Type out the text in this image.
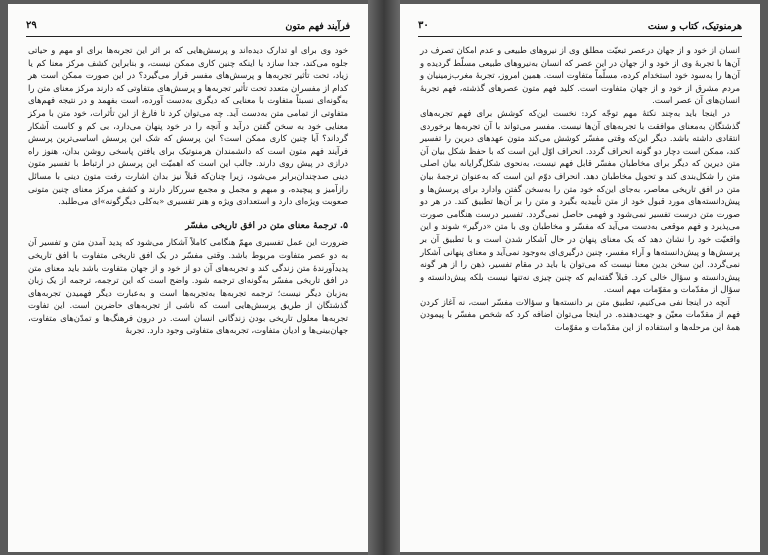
فرآیند فهم متون
۲۹

خود وی برای او تدارک دیده‌اند و پرسش‌هایی که بر اثر این تجربه‌ها برای او مهم و حیاتی جلوه می‌کند، جدا سازد یا اینکه چنین کاری ممکن نیست، و بنابراین کشف مرکز معنا کم یا زیاد، تحت تأثیر تجربه‌ها و پرسش‌های مفسر قرار می‌گیرد؟ در این صورت ممکن است هر کدام از مفسران متعدد تحت تأثیر تجربه‌ها و پرسش‌های متفاوتی که دارند مرکز معنای متن را به‌گونه‌ای نسبتاً متفاوت با معنایی که دیگری به‌دست آورده، است بفهمد و در نتیجه فهم‌های متفاوتی از تمامی متن به‌دست آید. چه می‌توان کرد تا فارغ از این تأثرات، خود متن با مرکز معنایی خود به سخن گفتن درآید و آنچه را در خود پنهان می‌دارد، بی کم و کاست آشکار گرداند؟ آیا چنین کاری ممکن است؟ این پرسش که شک این پرسش اساسی‌ترین پرسش فرآیند فهم متون است که دانشمندان هرمنوتیک برای یافتن پاسخی روشن بدان، هنوز راه درازی در پیش روی دارند. جالب این است که اهمیّت این پرسش در ارتباط با تفسیر متون دینی صدچندان‌برابر می‌شود، زیرا چنان‌که قبلاً نیز بدان اشارت رفت متون دینی با مسائل رازآمیز و پیچیده، و مبهم و مجمل و مجمع سررکار دارند و کشف مرکز معنای چنین متونی صعوبت ویژه‌ای دارد و استعدادی ویژه و هنر تفسیری «به‌کلی دیگرگونه»ای می‌طلبد.

۵. ترجمهٔ معنای متن در افق تاریخی مفسّر

ضرورت این عمل تفسیری مهمّ هنگامی کاملاً آشکار می‌شود که پدید آمدن متن و تفسیر آن به دو عصر متفاوت مربوط باشد. وقتی مفسّر در یک افق تاریخی متفاوت با افق تاریخی پدیدآورندهٔ متن زندگی کند و تجربه‌های آن دو از خود و از جهان متفاوت باشد باید معنای متن در افق تاریخی مفسّر به‌گونه‌ای ترجمه شود. واضح است که این ترجمه، ترجمه از یک زبان به‌زبان دیگر نیست؛ ترجمه تجربه‌ها به‌تجربه‌ها است و به‌عبارت دیگر فهمیدن تجربه‌های گذشتگان از طریق پرسش‌هایی است که ناشی از تجربه‌های حاضرین است. این تفاوت تجربه‌ها معلول تاریخی بودن زندگانی انسان است. در درون فرهنگ‌ها و تمدّن‌های متفاوت، جهان‌بینی‌ها و ادیان متفاوت، تجربه‌های متفاوتی وجود دارد. تجربهٔ

هرمنوتیک، کتاب و سنت
۳۰

انسان از خود و از جهان درعصر تبعیّت مطلق وی از نیروهای طبیعی و عدم امکان تصرف در آن‌ها با تجربهٔ وی از خود و از جهان در این عصر که انسان به‌نیروهای طبیعی مسلّط گردیده و آن‌ها را به‌سود خود استخدام کرده، مسلّماً متفاوت است. همین امروز، تجربهٔ مغرب‌زمینیان و مردم مشرق از خود و از جهان متفاوت است. کلید فهم متون عصرهای گذشته، فهم تجربهٔ انسان‌های آن عصر است.

در اینجا باید به‌چند نکتهٔ مهم توجّه کرد: نخست این‌که کوشش برای فهم تجربه‌های گذشتگان به‌معنای موافقت با تجربه‌های آن‌ها نیست. مفسر می‌تواند با آن تجربه‌ها برخوردی انتقادی داشته باشد. دیگر این‌که وقتی مفسّر کوشش می‌کند متون عهدهای دیرین را تفسیر کند، ممکن است دچار دو گونه انحراف گردد. انحراف اوّل این است که با حفظ شکل بیان آن متن دیرین که دیگر برای مخاطبان مفسّر قابل فهم نیست، به‌نحوی شکل‌گرایانه بیان اصلی متن را شکل‌بندی کند و تحویل مخاطبان دهد. انحراف دوّم این است که به‌عنوان ترجمهٔ بیان متن در افق تاریخی معاصر، به‌جای این‌که خود متن را به‌سخن گفتن وادارد برای پرسش‌ها و پیش‌دانسته‌های مورد قبول خود از متن تأییدیه بگیرد و متن را بر آن‌ها تطبیق کند. در هر دو صورت متن درست تفسیر نمی‌شود و فهمی حاصل نمی‌گردد. تفسیر درست هنگامی صورت می‌پذیرد و فهم موقعی به‌دست می‌آید که مفسّر و مخاطبان وی با متن «درگیر» شوند و این واقعیّت خود را نشان دهد که یک معنای پنهان در حال آشکار شدن است و با تطبیق آن بر پرسش‌ها و پیش‌دانسته‌ها و آراء مفسر، چنین درگیری‌ای به‌وجود نمی‌آید و معنای پنهانی آشکار نمی‌گردد. این سخن بدین معنا نیست که می‌توان یا باید در مقام تفسیر، ذهن را از هر گونه پیش‌دانسته و سؤال خالی کرد. قبلاً گفته‌ایم که چنین چیزی نه‌تنها نیست بلکه پیش‌دانسته و سؤال از مقدّمات و مقوّمات مهم است.

آنچه در اینجا نفی می‌کنیم، تطبیق متن بر دانسته‌ها و سؤالات مفسّر است، نه آغاز کردن فهم از مقدّمات معیّن و جهت‌دهنده. در اینجا می‌توان اضافه کرد که شخص مفسّر با پیمودن همهٔ این مرحله‌ها و استفاده از این مقدّمات و مقوّمات
